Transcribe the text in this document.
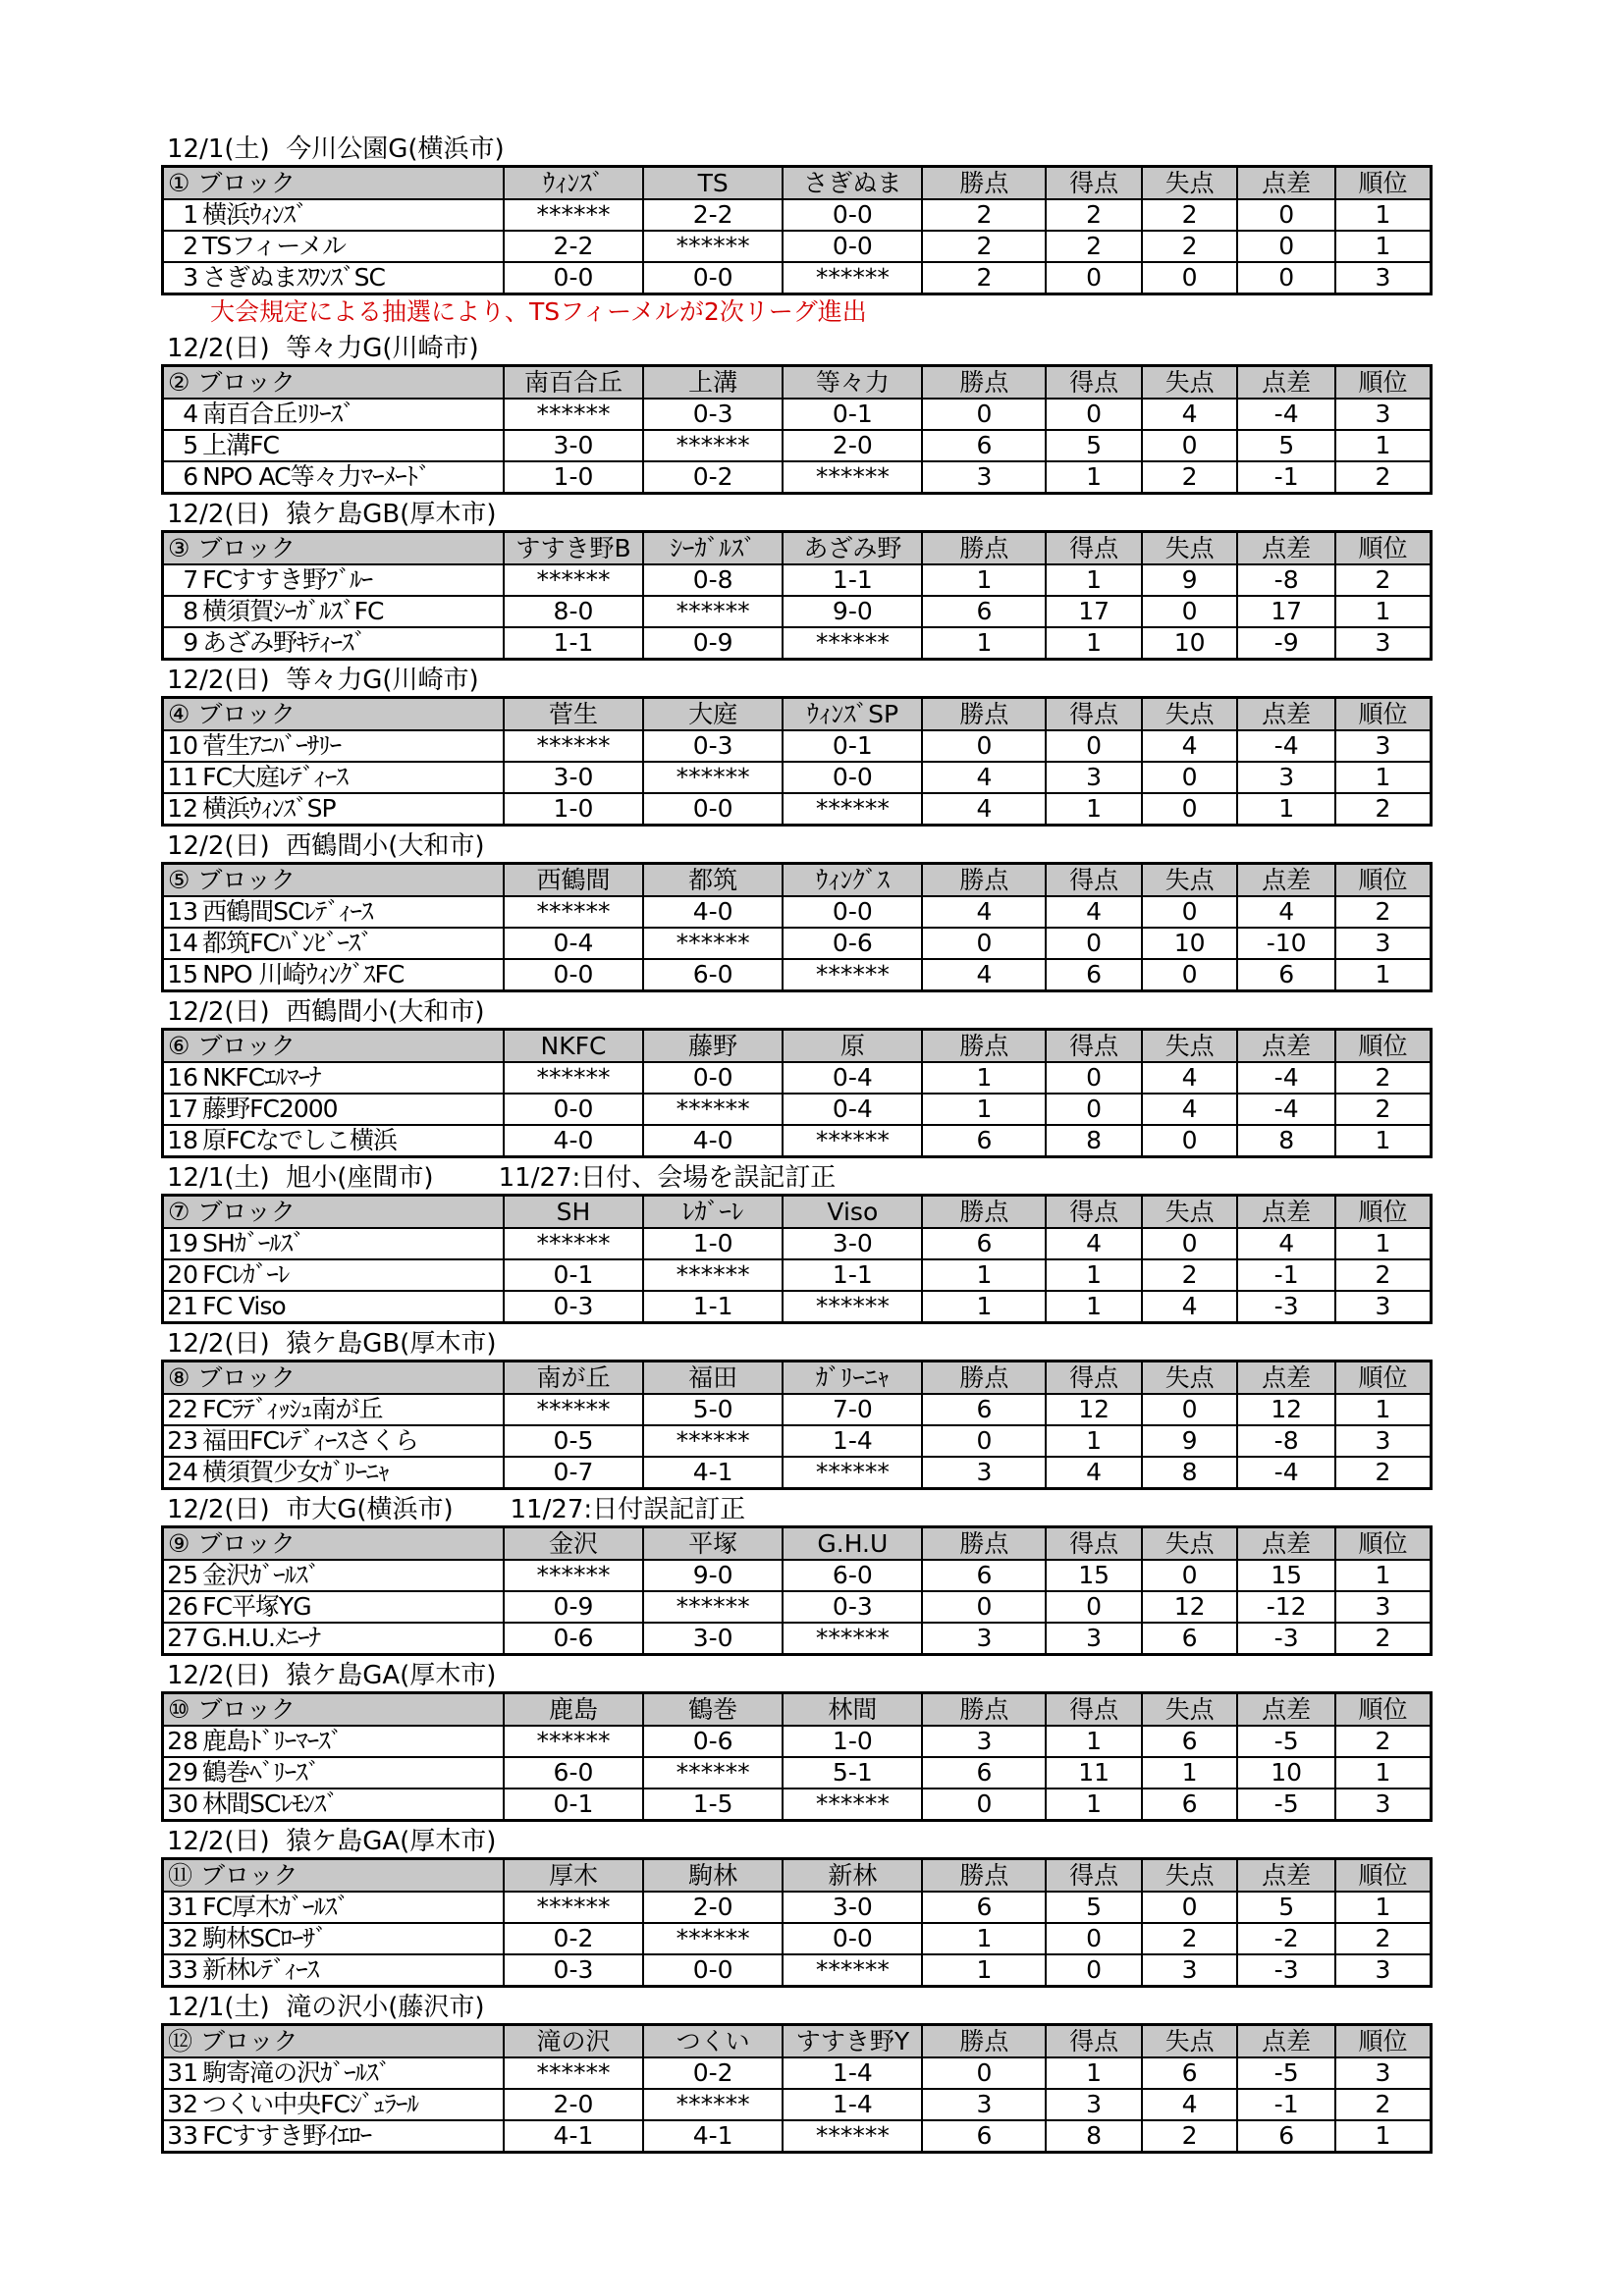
12/1(土)  今川公園G(横浜市)
① ブロック		ｳｨﾝｽﾞ	TS	さぎぬま	勝点	得点	失点	点差	順位
1	横浜ｳｨﾝｽﾞ	******	2-2	0-0	2	2	2	0	1
2	TSフィーメル	2-2	******	0-0	2	2	2	0	1
3	さぎぬまｽﾜﾝｽﾞSC	0-0	0-0	******	2	0	0	0	3
大会規定による抽選により、TSフィーメルが2次リーグ進出
12/2(日)  等々力G(川崎市)
② ブロック		南百合丘	上溝	等々力	勝点	得点	失点	点差	順位
4	南百合丘ﾘﾘｰｽﾞ	******	0-3	0-1	0	0	4	-4	3
5	上溝FC	3-0	******	2-0	6	5	0	5	1
6	NPO AC等々力ﾏｰﾒｰﾄﾞ	1-0	0-2	******	3	1	2	-1	2
12/2(日)  猿ケ島GB(厚木市)
③ ブロック		すすき野B	ｼｰｶﾞﾙｽﾞ	あざみ野	勝点	得点	失点	点差	順位
7	FCすすき野ﾌﾞﾙｰ	******	0-8	1-1	1	1	9	-8	2
8	横須賀ｼｰｶﾞﾙｽﾞFC	8-0	******	9-0	6	17	0	17	1
9	あざみ野ｷﾃｨｰｽﾞ	1-1	0-9	******	1	1	10	-9	3
12/2(日)  等々力G(川崎市)
④ ブロック		菅生	大庭	ｳｨﾝｽﾞSP	勝点	得点	失点	点差	順位
10	菅生ｱﾆﾊﾞｰｻﾘｰ	******	0-3	0-1	0	0	4	-4	3
11	FC大庭ﾚﾃﾞｨｰｽ	3-0	******	0-0	4	3	0	3	1
12	横浜ｳｨﾝｽﾞSP	1-0	0-0	******	4	1	0	1	2
12/2(日)  西鶴間小(大和市)
⑤ ブロック		西鶴間	都筑	ｳｨﾝｸﾞｽ	勝点	得点	失点	点差	順位
13	西鶴間SCﾚﾃﾞｨｰｽ	******	4-0	0-0	4	4	0	4	2
14	都筑FCﾊﾞﾝﾋﾞｰｽﾞ	0-4	******	0-6	0	0	10	-10	3
15	NPO 川崎ｳｨﾝｸﾞｽFC	0-0	6-0	******	4	6	0	6	1
12/2(日)  西鶴間小(大和市)
⑥ ブロック		NKFC	藤野	原	勝点	得点	失点	点差	順位
16	NKFCｴﾙﾏｰﾅ	******	0-0	0-4	1	0	4	-4	2
17	藤野FC2000	0-0	******	0-4	1	0	4	-4	2
18	原FCなでしこ横浜	4-0	4-0	******	6	8	0	8	1
12/1(土)  旭小(座間市)        11/27:日付、会場を誤記訂正
⑦ ブロック		SH	ﾚｶﾞｰﾚ	Viso	勝点	得点	失点	点差	順位
19	SHｶﾞｰﾙｽﾞ	******	1-0	3-0	6	4	0	4	1
20	FCﾚｶﾞｰﾚ	0-1	******	1-1	1	1	2	-1	2
21	FC Viso	0-3	1-1	******	1	1	4	-3	3
12/2(日)  猿ケ島GB(厚木市)
⑧ ブロック		南が丘	福田	ｶﾞﾘｰﾆｬ	勝点	得点	失点	点差	順位
22	FCﾗﾃﾞｨｯｼｭ南が丘	******	5-0	7-0	6	12	0	12	1
23	福田FCﾚﾃﾞｨｰｽさくら	0-5	******	1-4	0	1	9	-8	3
24	横須賀少女ｶﾞﾘｰﾆｬ	0-7	4-1	******	3	4	8	-4	2
12/2(日)  市大G(横浜市)       11/27:日付誤記訂正
⑨ ブロック		金沢	平塚	G.H.U	勝点	得点	失点	点差	順位
25	金沢ｶﾞｰﾙｽﾞ	******	9-0	6-0	6	15	0	15	1
26	FC平塚YG	0-9	******	0-3	0	0	12	-12	3
27	G.H.U.ﾒﾆｰﾅ	0-6	3-0	******	3	3	6	-3	2
12/2(日)  猿ケ島GA(厚木市)
⑩ ブロック		鹿島	鶴巻	林間	勝点	得点	失点	点差	順位
28	鹿島ﾄﾞﾘｰﾏｰｽﾞ	******	0-6	1-0	3	1	6	-5	2
29	鶴巻ﾍﾞﾘｰｽﾞ	6-0	******	5-1	6	11	1	10	1
30	林間SCﾚﾓﾝｽﾞ	0-1	1-5	******	0	1	6	-5	3
12/2(日)  猿ケ島GA(厚木市)
⑪ ブロック		厚木	駒林	新林	勝点	得点	失点	点差	順位
31	FC厚木ｶﾞｰﾙｽﾞ	******	2-0	3-0	6	5	0	5	1
32	駒林SCﾛｰｻﾞ	0-2	******	0-0	1	0	2	-2	2
33	新林ﾚﾃﾞｨｰｽ	0-3	0-0	******	1	0	3	-3	3
12/1(土)  滝の沢小(藤沢市)
⑫ ブロック		滝の沢	つくい	すすき野Y	勝点	得点	失点	点差	順位
31	駒寄滝の沢ｶﾞｰﾙｽﾞ	******	0-2	1-4	0	1	6	-5	3
32	つくい中央FCｼﾞｭﾗｰﾙ	2-0	******	1-4	3	3	4	-1	2
33	FCすすき野ｲｴﾛｰ	4-1	4-1	******	6	8	2	6	1
